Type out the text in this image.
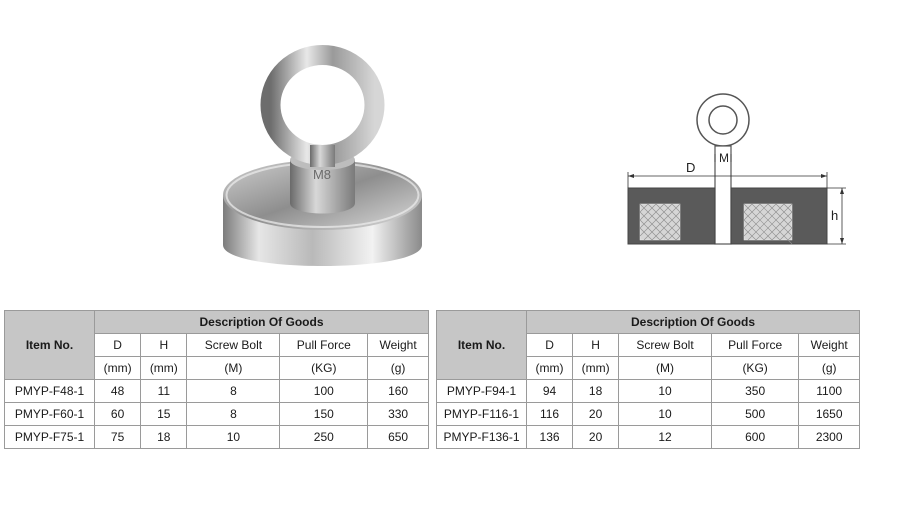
M8	D
M
h
Item No.	Description Of Goods				
	D	H	Screw Bolt	Pull Force	Weight
	(mm)	(mm)	(M)	(KG)	(g)
PMYP-F48-1	48	11	8	100	160
PMYP-F60-1	60	15	8	150	330
PMYP-F75-1	75	18	10	250	650
Item No.	Description Of Goods				
	D	H	Screw Bolt	Pull Force	Weight
	(mm)	(mm)	(M)	(KG)	(g)
PMYP-F94-1	94	18	10	350	1100
PMYP-F116-1	116	20	10	500	1650
PMYP-F136-1	136	20	12	600	2300
